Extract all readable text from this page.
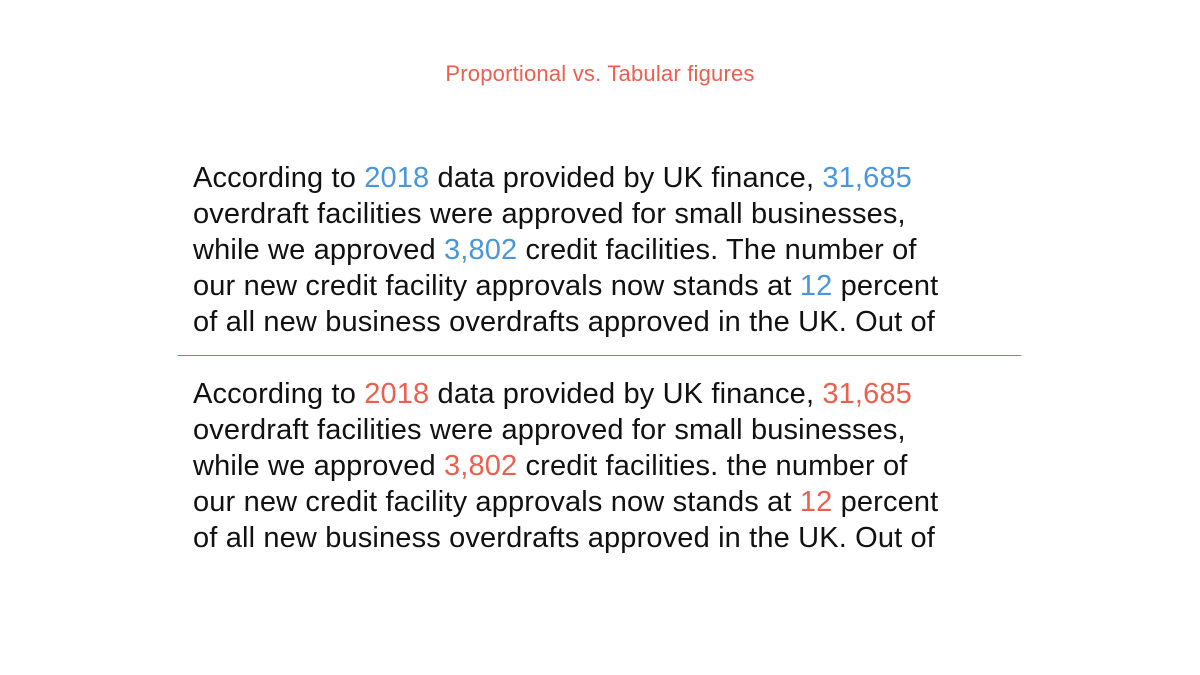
Proportional vs. Tabular figures
According to 2018 data provided by UK finance, 31,685
overdraft facilities were approved for small businesses,
while we approved 3,802 credit facilities. The number of
our new credit facility approvals now stands at 12 percent
of all new business overdrafts approved in the UK. Out of
According to 2018 data provided by UK finance, 31,685
overdraft facilities were approved for small businesses,
while we approved 3,802 credit facilities. the number of
our new credit facility approvals now stands at 12 percent
of all new business overdrafts approved in the UK. Out of
